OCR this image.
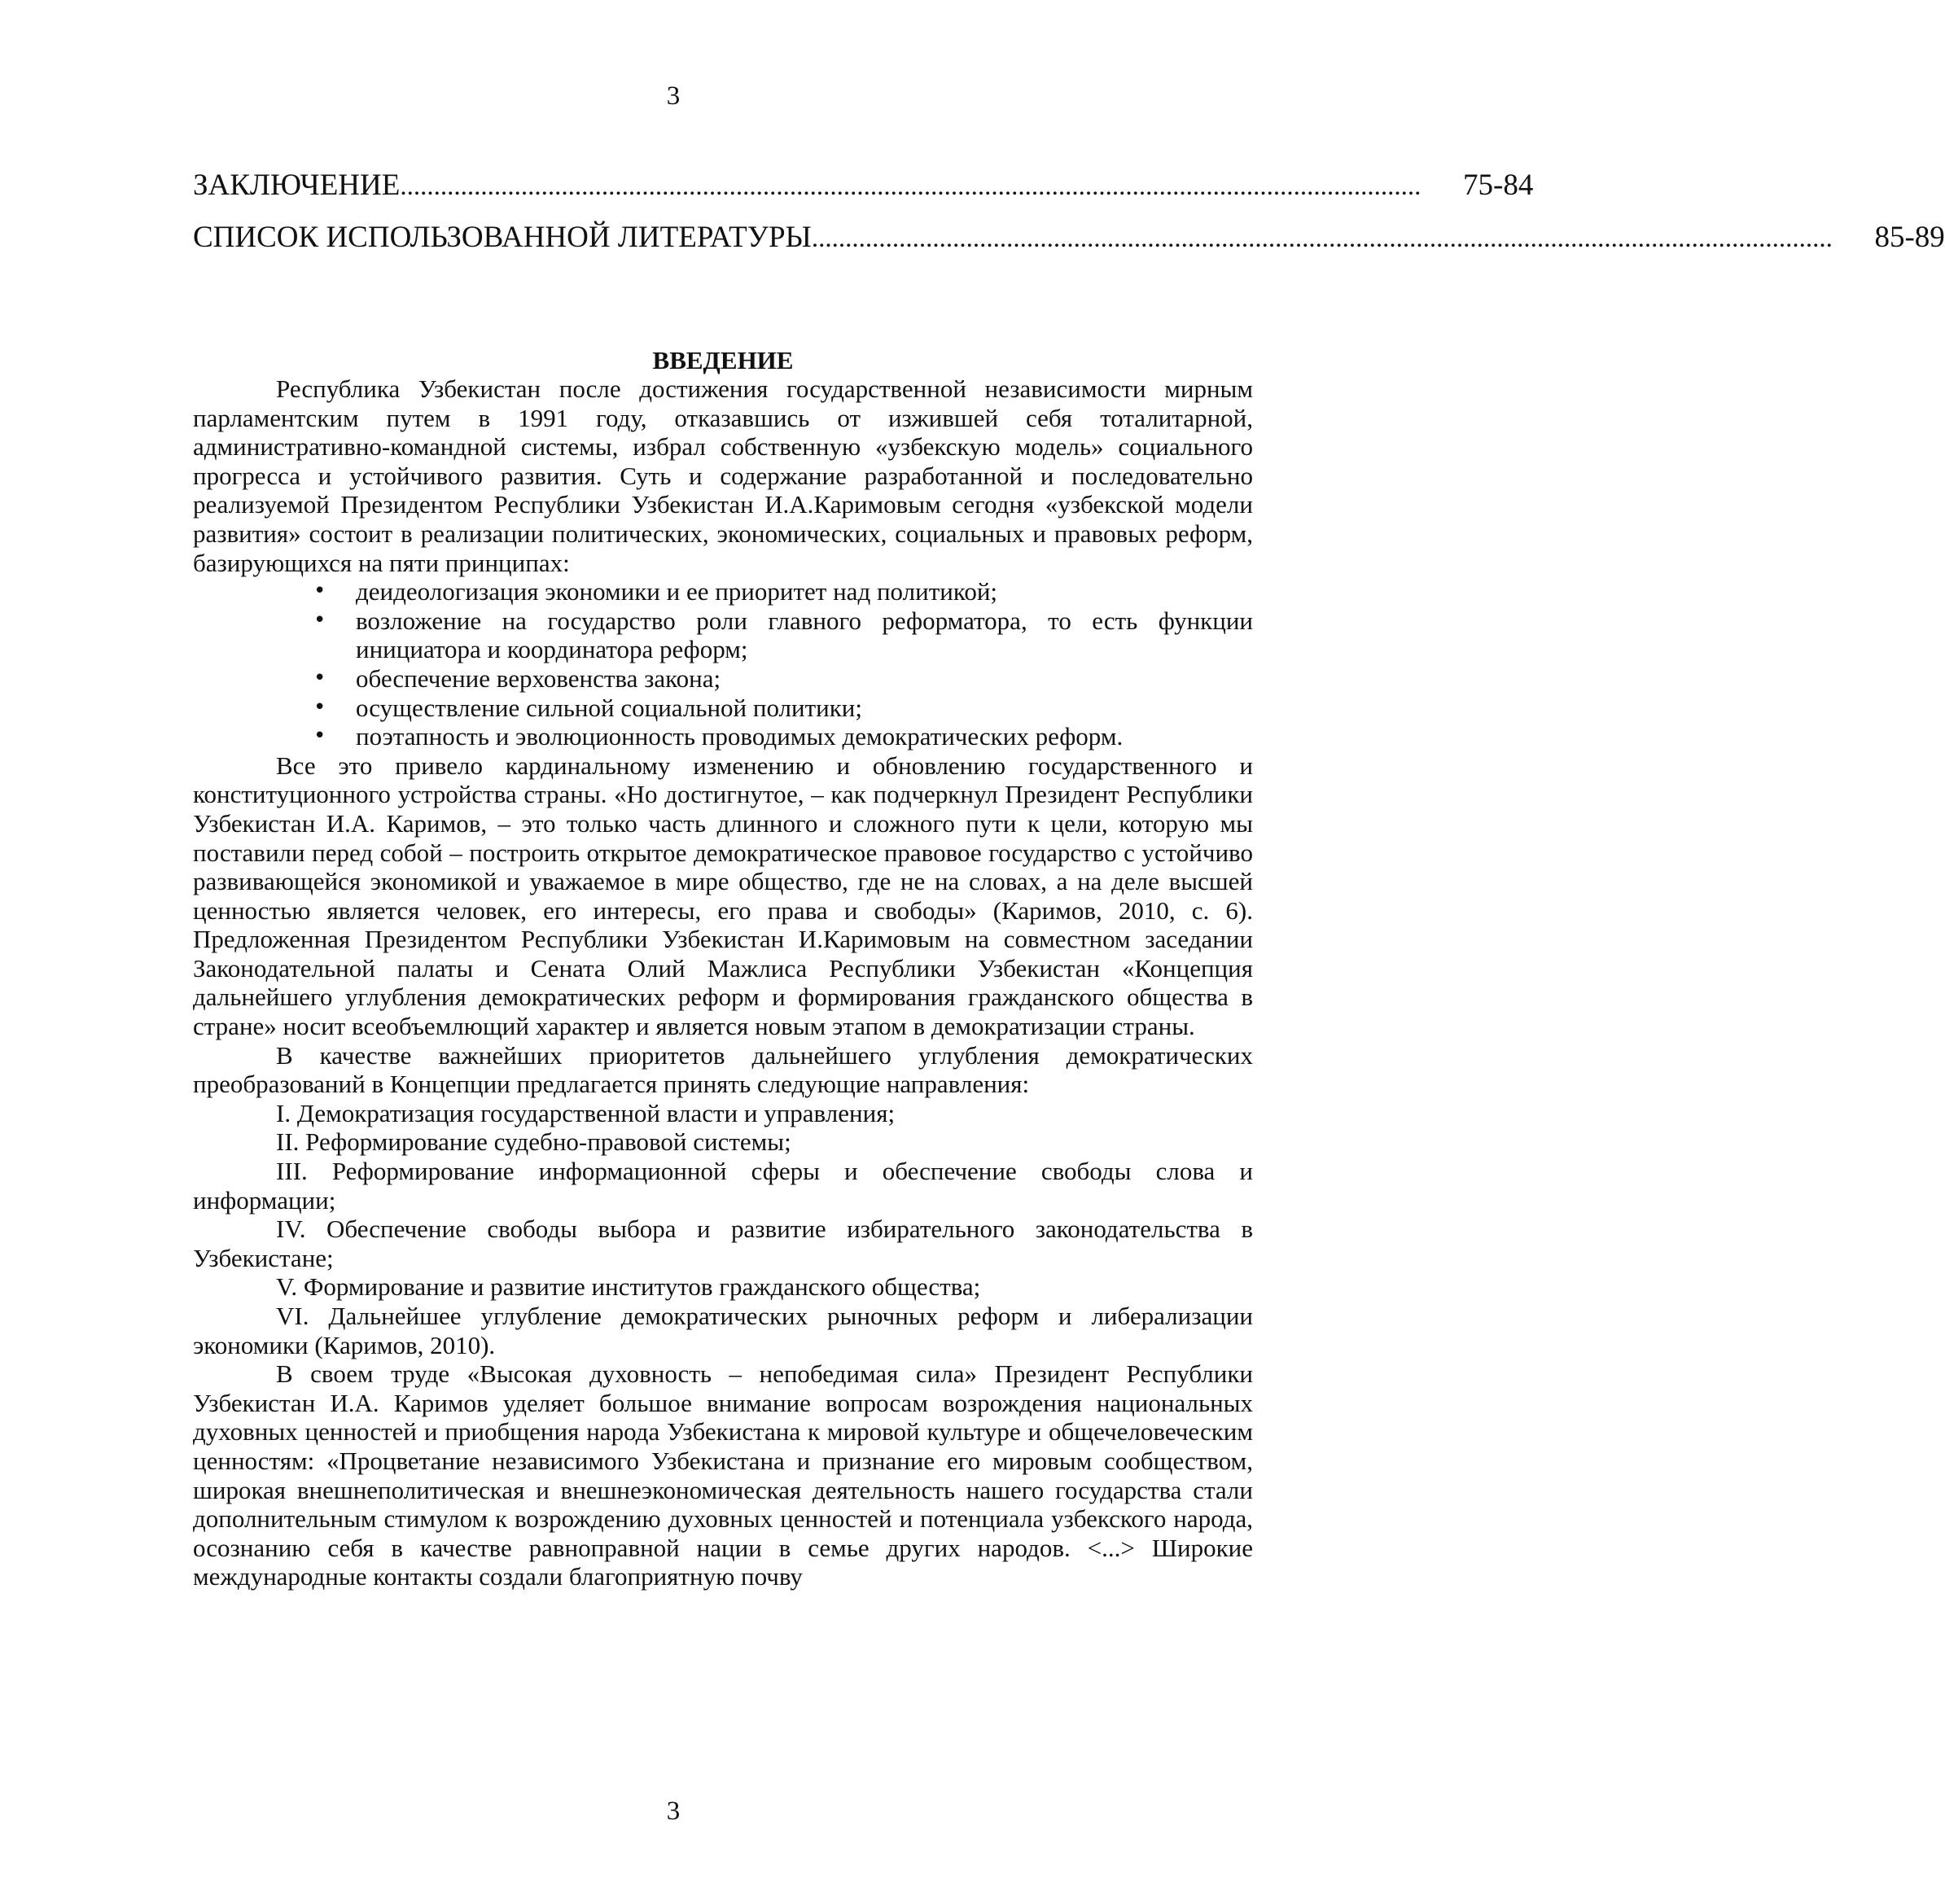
3
ЗАКЛЮЧЕНИЕ ........................................................................................................................................................	75-84
СПИСОК ИСПОЛЬЗОВАННОЙ ЛИТЕРАТУРЫ ........................................................................................................................................................	85-89
ВВЕДЕНИЕ

Республика Узбекистан после достижения государственной независимости мирным парламентским путем в 1991 году, отказавшись от изжившей себя тоталитарной, административно-командной системы, избрал собственную «узбекскую модель» социального прогресса и устойчивого развития. Суть и содержание разработанной и последовательно реализуемой Президентом Республики Узбекистан И.А.Каримовым сегодня «узбекской модели развития» состоит в реализации политических, экономических, социальных и правовых реформ, базирующихся на пяти принципах:

• деидеологизация экономики и ее приоритет над политикой;
• возложение на государство роли главного реформатора, то есть функции инициатора и координатора реформ;
• обеспечение верховенства закона;
• осуществление сильной социальной политики;
• поэтапность и эволюционность проводимых демократических реформ.

Все это привело кардинальному изменению и обновлению государственного и конституционного устройства страны. «Но достигнутое, – как подчеркнул Президент Республики Узбекистан И.А. Каримов, – это только часть длинного и сложного пути к цели, которую мы поставили перед собой – построить открытое демократическое правовое государство с устойчиво развивающейся экономикой и уважаемое в мире общество, где не на словах, а на деле высшей ценностью является человек, его интересы, его права и свободы» (Каримов, 2010, с. 6). Предложенная Президентом Республики Узбекистан И.Каримовым на совместном заседании Законодательной палаты и Сената Олий Мажлиса Республики Узбекистан «Концепция дальнейшего углубления демократических реформ и формирования гражданского общества в стране» носит всеобъемлющий характер и является новым этапом в демократизации страны.

В качестве важнейших приоритетов дальнейшего углубления демократических преобразований в Концепции предлагается принять следующие направления:

I. Демократизация государственной власти и управления;

II. Реформирование судебно-правовой системы;

III. Реформирование информационной сферы и обеспечение свободы слова и информации;

IV. Обеспечение свободы выбора и развитие избирательного законодательства в Узбекистане;

V. Формирование и развитие институтов гражданского общества;

VI. Дальнейшее углубление демократических рыночных реформ и либерализации экономики (Каримов, 2010).

В своем труде «Высокая духовность – непобедимая сила» Президент Республики Узбекистан И.А. Каримов уделяет большое внимание вопросам возрождения национальных духовных ценностей и приобщения народа Узбекистана к мировой культуре и общечеловеческим ценностям: «Процветание независимого Узбекистана и признание его мировым сообществом, широкая внешнеполитическая и внешнеэкономическая деятельность нашего государства стали дополнительным стимулом к возрождению духовных ценностей и потенциала узбекского народа, осознанию себя в качестве равноправной нации в семье других народов. <...> Широкие международные контакты создали благоприятную почву

3
